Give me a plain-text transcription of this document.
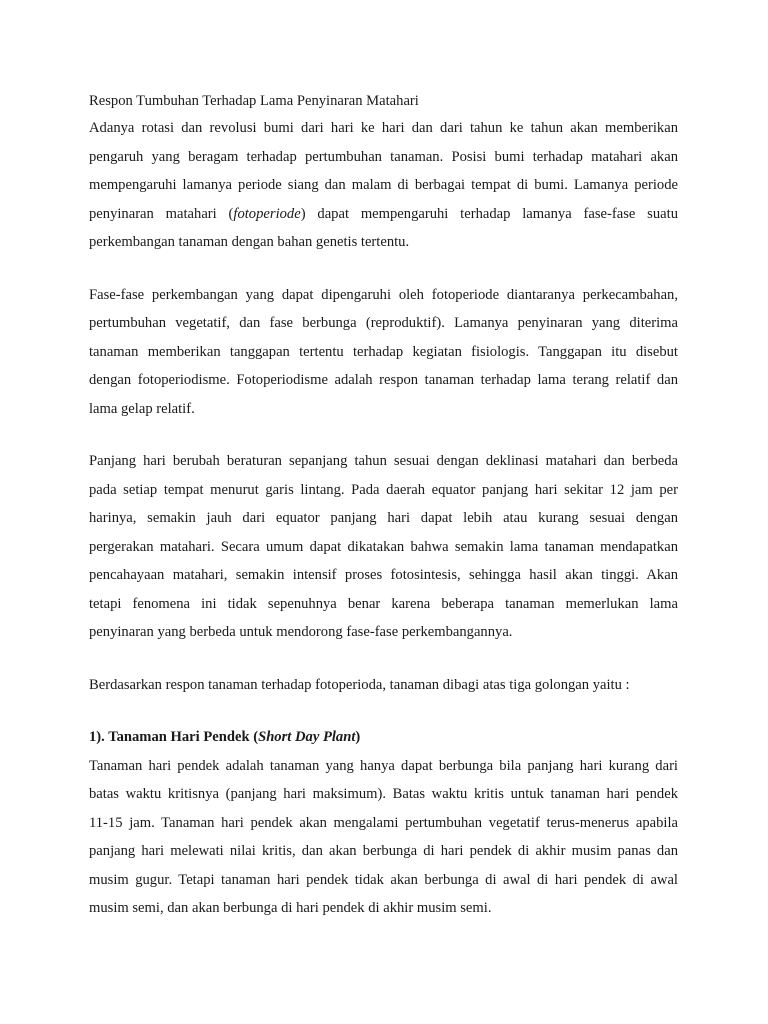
Respon Tumbuhan Terhadap Lama Penyinaran Matahari
Adanya rotasi dan revolusi bumi dari hari ke hari dan dari tahun ke tahun akan memberikan
pengaruh yang beragam terhadap pertumbuhan tanaman. Posisi bumi terhadap matahari akan
mempengaruhi lamanya periode siang dan malam di berbagai tempat di bumi. Lamanya periode
penyinaran matahari (fotoperiode) dapat mempengaruhi terhadap lamanya fase-fase suatu
perkembangan tanaman dengan bahan genetis tertentu.
Fase-fase perkembangan yang dapat dipengaruhi oleh fotoperiode diantaranya perkecambahan,
pertumbuhan vegetatif, dan fase berbunga (reproduktif). Lamanya penyinaran yang diterima
tanaman memberikan tanggapan tertentu terhadap kegiatan fisiologis. Tanggapan itu disebut
dengan fotoperiodisme. Fotoperiodisme adalah respon tanaman terhadap lama terang relatif dan
lama gelap relatif.
Panjang hari berubah beraturan sepanjang tahun sesuai dengan deklinasi matahari dan berbeda
pada setiap tempat menurut garis lintang. Pada daerah equator panjang hari sekitar 12 jam per
harinya, semakin jauh dari equator panjang hari dapat lebih atau kurang sesuai dengan
pergerakan matahari. Secara umum dapat dikatakan bahwa semakin lama tanaman mendapatkan
pencahayaan matahari, semakin intensif proses fotosintesis, sehingga hasil akan tinggi. Akan
tetapi fenomena ini tidak sepenuhnya benar karena beberapa tanaman memerlukan lama
penyinaran yang berbeda untuk mendorong fase-fase perkembangannya.
Berdasarkan respon tanaman terhadap fotoperioda, tanaman dibagi atas tiga golongan yaitu :
1). Tanaman Hari Pendek (Short Day Plant)
Tanaman hari pendek adalah tanaman yang hanya dapat berbunga bila panjang hari kurang dari
batas waktu kritisnya (panjang hari maksimum). Batas waktu kritis untuk tanaman hari pendek
11-15 jam. Tanaman hari pendek akan mengalami pertumbuhan vegetatif terus-menerus apabila
panjang hari melewati nilai kritis, dan akan berbunga di hari pendek di akhir musim panas dan
musim gugur. Tetapi tanaman hari pendek tidak akan berbunga di awal di hari pendek di awal
musim semi, dan akan berbunga di hari pendek di akhir musim semi.
